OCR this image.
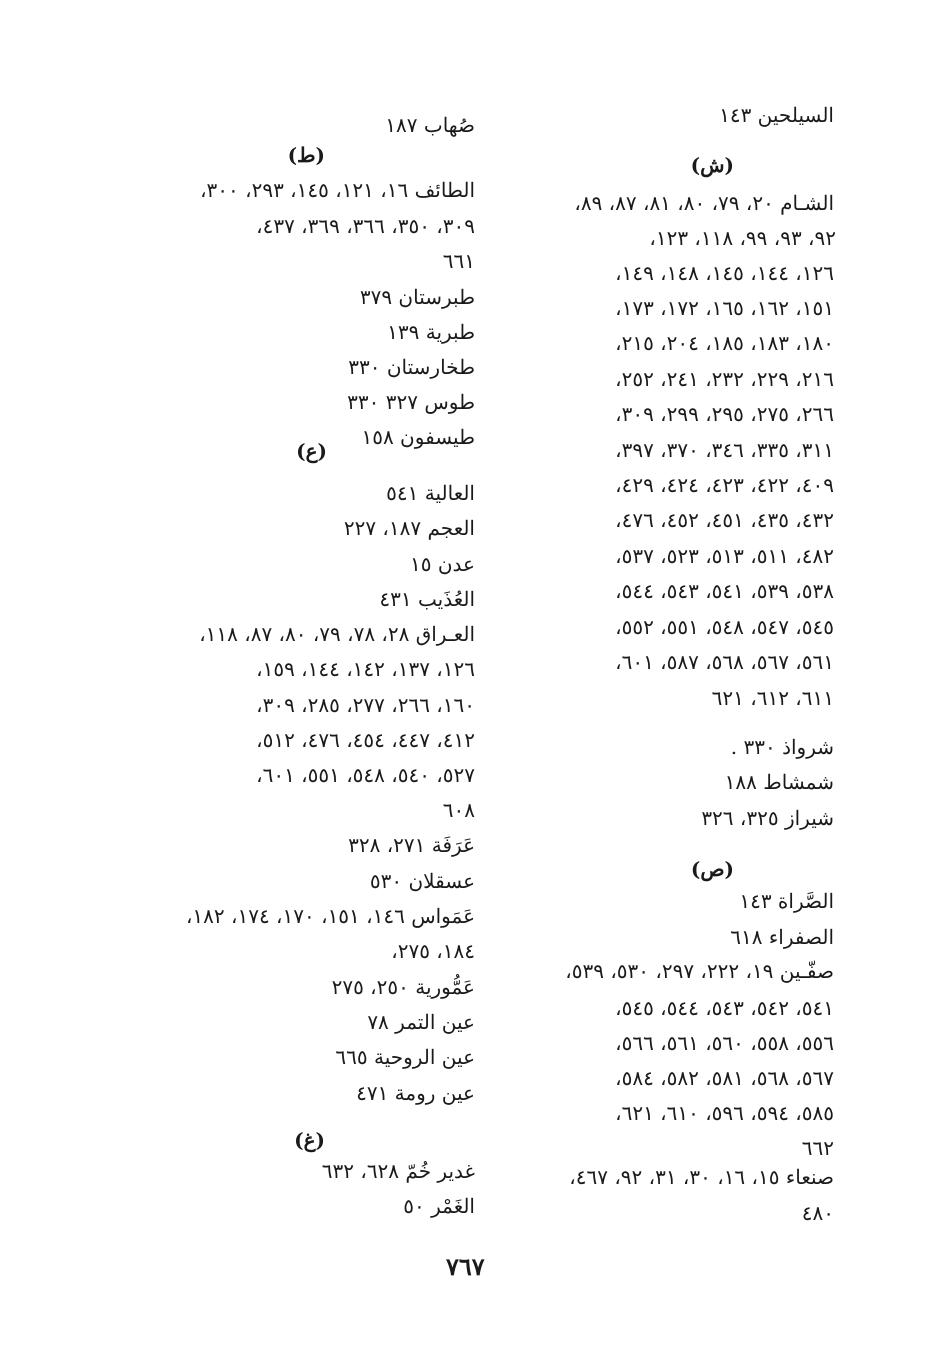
السيلحين ١٤٣
(ش)
الشـام ٢٠، ٧٩، ٨٠، ٨١، ٨٧، ٨٩،
٩٢، ٩٣، ٩٩، ١١٨، ١٢٣،
١٢٦، ١٤٤، ١٤٥، ١٤٨، ١٤٩،
١٥١، ١٦٢، ١٦٥، ١٧٢، ١٧٣،
١٨٠، ١٨٣، ١٨٥، ٢٠٤، ٢١٥،
٢١٦، ٢٢٩، ٢٣٢، ٢٤١، ٢٥٢،
٢٦٦، ٢٧٥، ٢٩٥، ٢٩٩، ٣٠٩،
٣١١، ٣٣٥، ٣٤٦، ٣٧٠، ٣٩٧،
٤٠٩، ٤٢٢، ٤٢٣، ٤٢٤، ٤٢٩،
٤٣٢، ٤٣٥، ٤٥١، ٤٥٢، ٤٧٦،
٤٨٢، ٥١١، ٥١٣، ٥٢٣، ٥٣٧،
٥٣٨، ٥٣٩، ٥٤١، ٥٤٣، ٥٤٤،
٥٤٥، ٥٤٧، ٥٤٨، ٥٥١، ٥٥٢،
٥٦١، ٥٦٧، ٥٦٨، ٥٨٧، ٦٠١،
٦١١، ٦١٢، ٦٢١
شرواذ ٣٣٠ .
شمشاط ١٨٨
شيراز ٣٢٥، ٣٢٦
(ص)
الصَّراة ١٤٣
الصفراء ٦١٨
صفّـين ١٩، ٢٢٢، ٢٩٧، ٥٣٠، ٥٣٩،
٥٤١، ٥٤٢، ٥٤٣، ٥٤٤، ٥٤٥،
٥٥٦، ٥٥٨، ٥٦٠، ٥٦١، ٥٦٦،
٥٦٧، ٥٦٨، ٥٨١، ٥٨٢، ٥٨٤،
٥٨٥، ٥٩٤، ٥٩٦، ٦١٠، ٦٢١،
٦٦٢
صنعاء ١٥، ١٦، ٣٠، ٣١، ٩٢، ٤٦٧،
٤٨٠
صُهاب ١٨٧
(ط)
الطائف ١٦، ١٢١، ١٤٥، ٢٩٣، ٣٠٠،
٣٠٩، ٣٥٠، ٣٦٦، ٣٦٩، ٤٣٧،
٦٦١
طبرستان ٣٧٩
طبرية ١٣٩
طخارستان ٣٣٠
طوس ٣٢٧ ٣٣٠
طيسفون ١٥٨
(ع)
العالية ٥٤١
العجم ١٨٧، ٢٢٧
عدن ١٥
العُذَيب ٤٣١
العـراق ٢٨، ٧٨، ٧٩، ٨٠، ٨٧، ١١٨،
١٢٦، ١٣٧، ١٤٢، ١٤٤، ١٥٩،
١٦٠، ٢٦٦، ٢٧٧، ٢٨٥، ٣٠٩،
٤١٢، ٤٤٧، ٤٥٤، ٤٧٦، ٥١٢،
٥٢٧، ٥٤٠، ٥٤٨، ٥٥١، ٦٠١،
٦٠٨
عَرَفَة ٢٧١، ٣٢٨
عسقلان ٥٣٠
عَمَواس ١٤٦، ١٥١، ١٧٠، ١٧٤، ١٨٢،
١٨٤، ٢٧٥،
عَمُّورية ٢٥٠، ٢٧٥
عين التمر ٧٨
عين الروحية ٦٦٥
عين رومة ٤٧١
(غ)
غدير خُمّ ٦٢٨، ٦٣٢
الغَمْر ٥٠
٧٦٧
